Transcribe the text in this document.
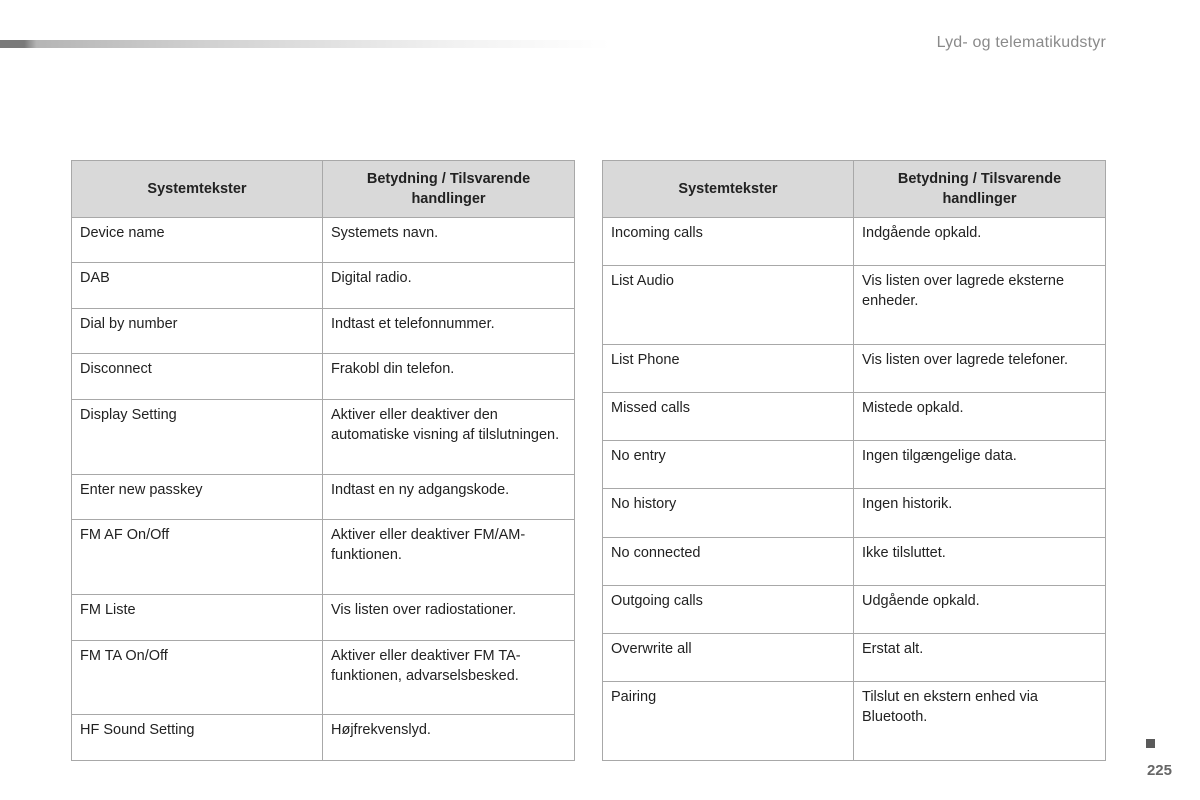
Lyd- og telematikudstyr
Systemtekster	Betydning / Tilsvarende handlinger
Device name	Systemets navn.
DAB	Digital radio.
Dial by number	Indtast et telefonnummer.
Disconnect	Frakobl din telefon.
Display Setting	Aktiver eller deaktiver den automatiske visning af tilslutningen.
Enter new passkey	Indtast en ny adgangskode.
FM AF On/Off	Aktiver eller deaktiver FM/AM-funktionen.
FM Liste	Vis listen over radiostationer.
FM TA On/Off	Aktiver eller deaktiver FM TA-funktionen, advarselsbesked.
HF Sound Setting	Højfrekvenslyd.
Systemtekster	Betydning / Tilsvarende handlinger
Incoming calls	Indgående opkald.
List Audio	Vis listen over lagrede eksterne enheder.
List Phone	Vis listen over lagrede telefoner.
Missed calls	Mistede opkald.
No entry	Ingen tilgængelige data.
No history	Ingen historik.
No connected	Ikke tilsluttet.
Outgoing calls	Udgående opkald.
Overwrite all	Erstat alt.
Pairing	Tilslut en ekstern enhed via Bluetooth.
225
